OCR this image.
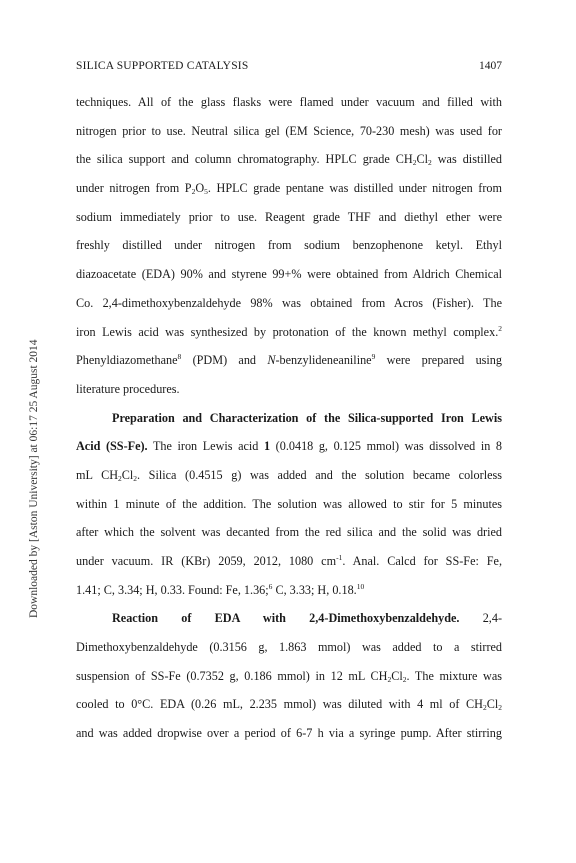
SILICA SUPPORTED CATALYSIS	1407
Downloaded by [Aston University] at 06:17 25 August 2014
techniques. All of the glass flasks were flamed under vacuum and filled with
nitrogen prior to use. Neutral silica gel (EM Science, 70-230 mesh) was used for
the silica support and column chromatography. HPLC grade $CH_2Cl_2$ was distilled
under nitrogen from $P_2O_5$. HPLC grade pentane was distilled under nitrogen from
sodium immediately prior to use. Reagent grade THF and diethyl ether were
freshly distilled under nitrogen from sodium benzophenone ketyl. Ethyl
diazoacetate (EDA) 90% and styrene 99+% were obtained from Aldrich Chemical
Co. 2,4-dimethoxybenzaldehyde 98% was obtained from Acros (Fisher). The
iron Lewis acid was synthesized by protonation of the known methyl complex.$^2$
Phenyldiazomethane$^8$ (PDM) and N-benzylideneaniline$^9$ were prepared using
literature procedures.
Preparation and Characterization of the Silica-supported Iron Lewis
Acid (SS-Fe). The iron Lewis acid 1 (0.0418 g, 0.125 mmol) was dissolved in 8
mL $CH_2Cl_2$. Silica (0.4515 g) was added and the solution became colorless
within 1 minute of the addition. The solution was allowed to stir for 5 minutes
after which the solvent was decanted from the red silica and the solid was dried
under vacuum. IR (KBr) 2059, 2012, 1080 $cm^{-1}$. Anal. Calcd for SS-Fe: Fe,
1.41; C, 3.34; H, 0.33. Found: Fe, 1.36;$^6$ C, 3.33; H, 0.18.10
Reaction of EDA with 2,4-Dimethoxybenzaldehyde. 2,4-
Dimethoxybenzaldehyde (0.3156 g, 1.863 mmol) was added to a stirred
suspension of SS-Fe (0.7352 g, 0.186 mmol) in 12 mL $CH_2Cl_2$. The mixture was
cooled to 0°C. EDA (0.26 mL, 2.235 mmol) was diluted with 4 ml of $CH_2Cl_2$
and was added dropwise over a period of 6-7 h via a syringe pump. After stirring
